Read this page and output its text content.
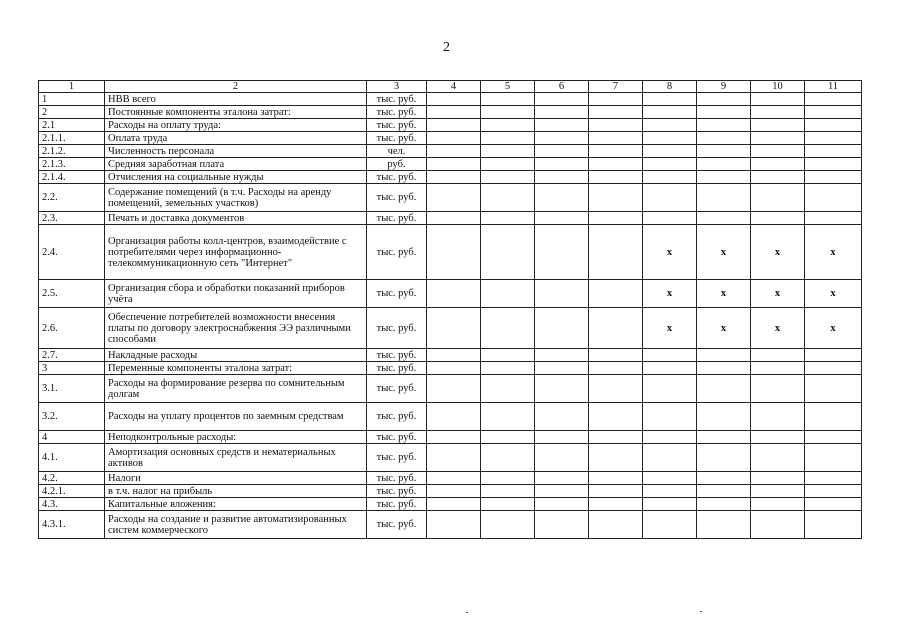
2
1	2	3	4	5	6	7	8	9	10	11
1	НВВ всего	тыс. руб.								
2	Постоянные компоненты эталона затрат:	тыс. руб.								
2.1	Расходы на оплату труда:	тыс. руб.								
2.1.1.	Оплата труда	тыс. руб.								
2.1.2.	Численность персонала	чел.								
2.1.3.	Средняя заработная плата	руб.								
2.1.4.	Отчисления на социальные нужды	тыс. руб.								
2.2.	Содержание помещений (в т.ч. Расходы на аренду помещений, земельных участков)	тыс. руб.								
2.3.	Печать и доставка документов	тыс. руб.								
2.4.	Организация работы колл-центров, взаимодействие с потребителями через информационно- телекоммуникационную сеть "Интернет"	тыс. руб.					x	x	x	x
2.5.	Организация сбора и обработки показаний приборов учёта	тыс. руб.					x	x	x	x
2.6.	Обеспечение потребителей возможности внесения платы по договору электроснабжения ЭЭ различными способами	тыс. руб.					x	x	x	x
2.7.	Накладные расходы	тыс. руб.								
3	Переменные компоненты эталона затрат:	тыс. руб.								
3.1.	Расходы на формирование резерва по сомнительным долгам	тыс. руб.								
3.2.	Расходы на уплату процентов по заемным средствам	тыс. руб.								
4	Неподконтрольные расходы:	тыс. руб.								
4.1.	Амортизация основных средств и нематериальных активов	тыс. руб.								
4.2.	Налоги	тыс. руб.								
4.2.1.	в т.ч. налог на прибыль	тыс. руб.								
4.3.	Капитальные вложения:	тыс. руб.								
4.3.1.	Расходы на создание и развитие автоматизированных систем коммерческого	тыс. руб.								
